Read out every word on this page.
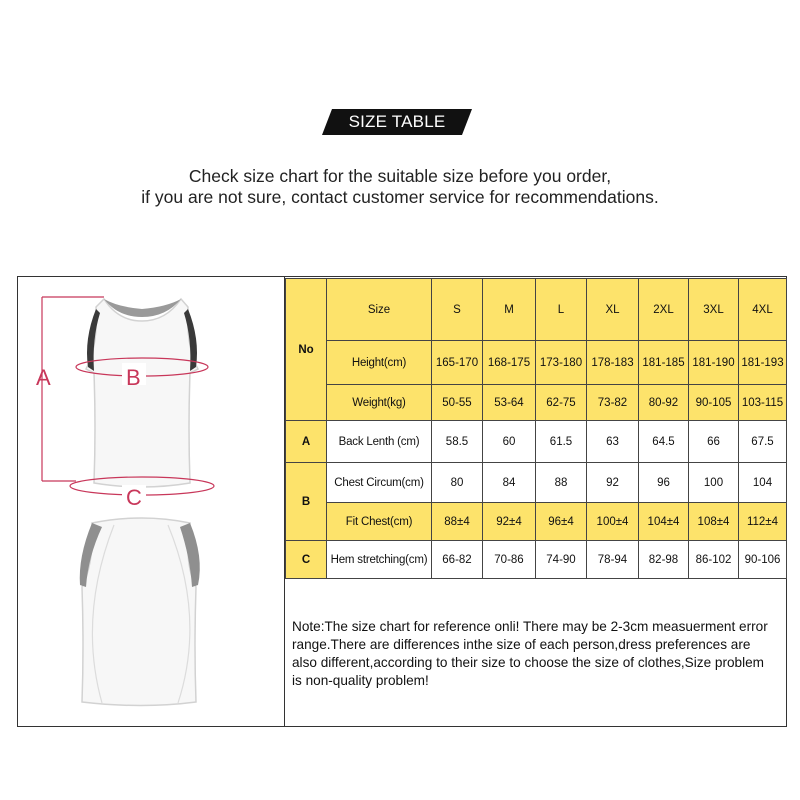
SIZE TABLE
Check size chart for the suitable size before you order,
if you are not sure, contact customer service for recommendations.
A	B
C
No	Size	S	M	L	XL	2XL	3XL	4XL
	Height(cm)	165-170	168-175	173-180	178-183	181-185	181-190	181-193
	Weight(kg)	50-55	53-64	62-75	73-82	80-92	90-105	103-115
A	Back Lenth (cm)	58.5	60	61.5	63	64.5	66	67.5
B	Chest Circum(cm)	80	84	88	92	96	100	104
	Fit Chest(cm)	88±4	92±4	96±4	100±4	104±4	108±4	112±4
C	Hem stretching(cm)	66-82	70-86	74-90	78-94	82-98	86-102	90-106
Note:The size chart for reference onli! There may be 2-3cm measuerment error range.There are differences inthe size of each person,dress preferences are also different,according to their size to choose the size of clothes,Size problem is non-quality problem!
